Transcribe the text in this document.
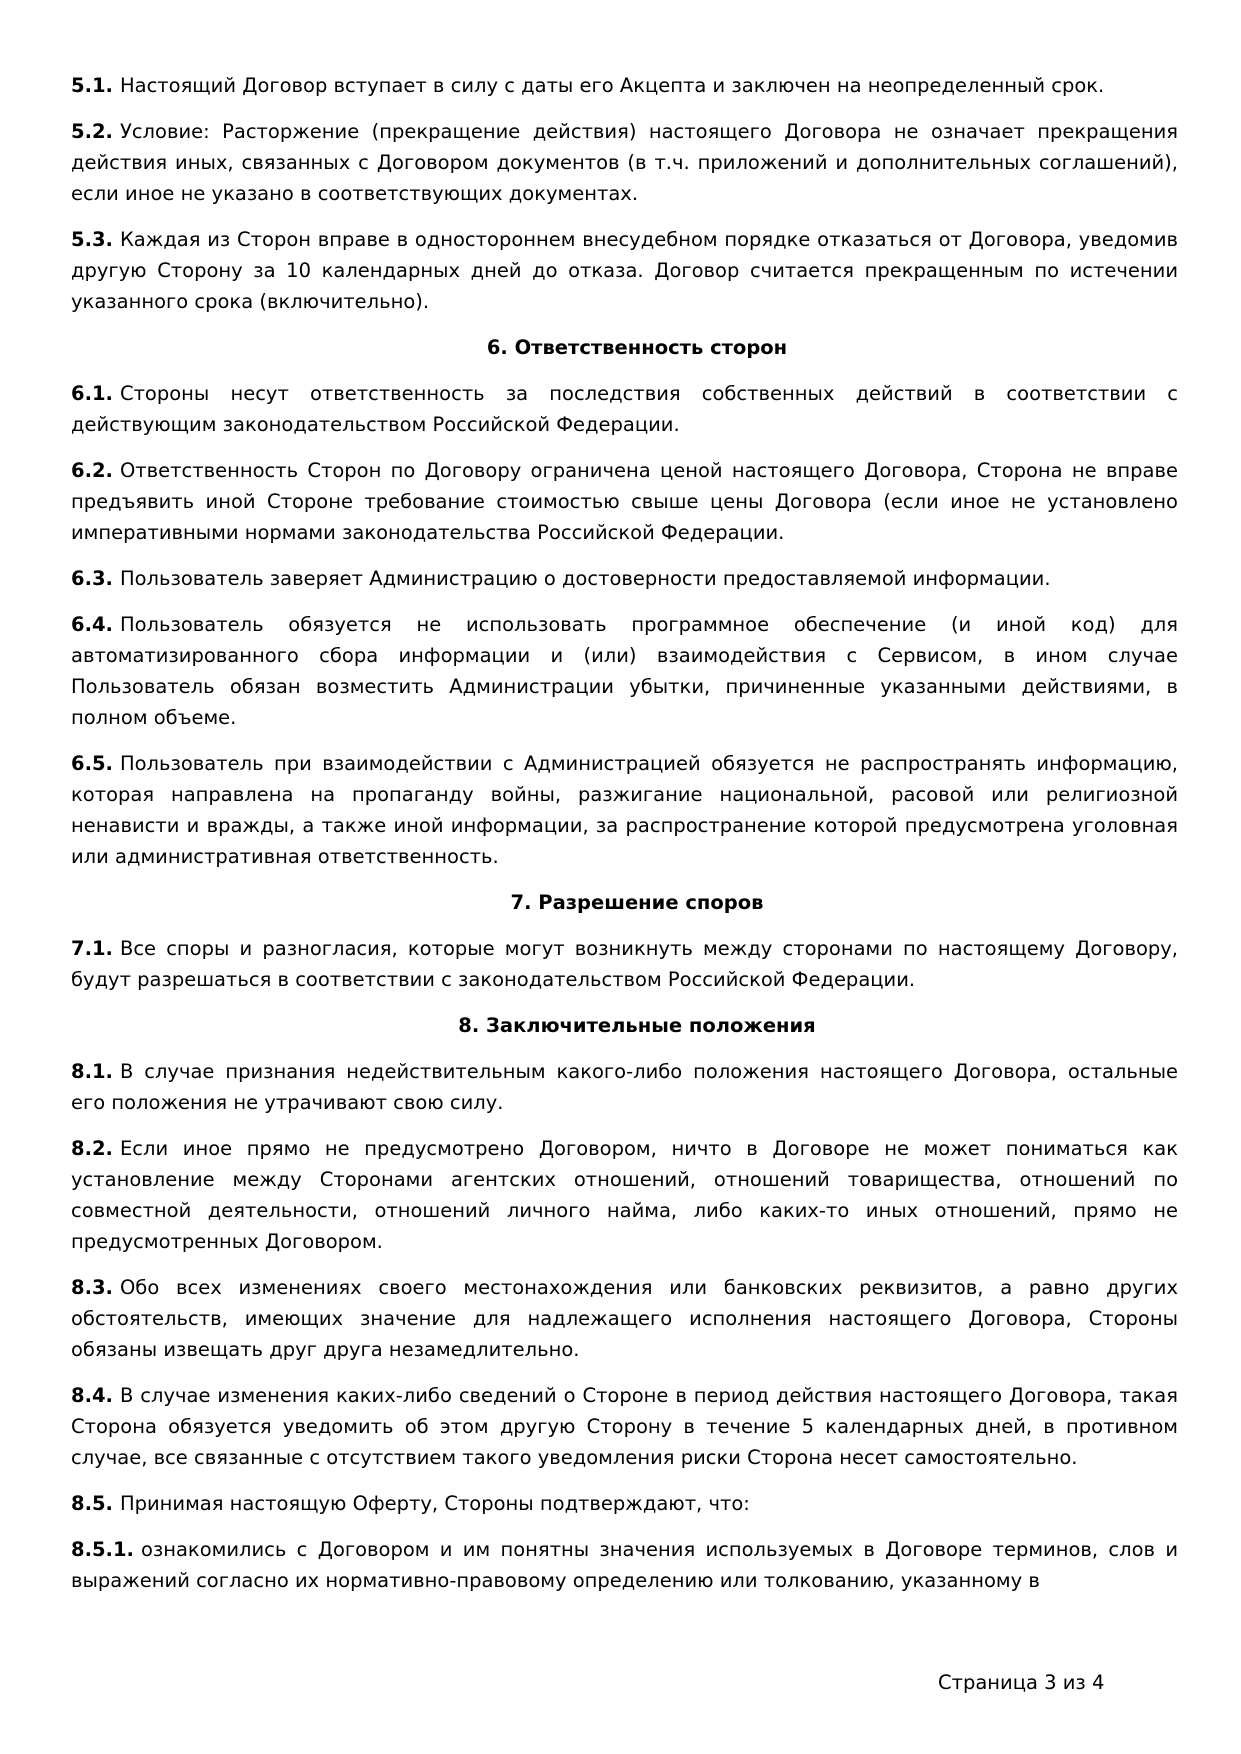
5.1. Настоящий Договор вступает в силу с даты его Акцепта и заключен на неопределенный срок.

5.2. Условие: Расторжение (прекращение действия) настоящего Договора не означает прекращения действия иных, связанных с Договором документов (в т.ч. приложений и дополнительных соглашений), если иное не указано в соответствующих документах.

5.3. Каждая из Сторон вправе в одностороннем внесудебном порядке отказаться от Договора, уведомив другую Сторону за 10 календарных дней до отказа. Договор считается прекращенным по истечении указанного срока (включительно).

6. Ответственность сторон

6.1. Стороны несут ответственность за последствия собственных действий в соответствии с действующим законодательством Российской Федерации.

6.2. Ответственность Сторон по Договору ограничена ценой настоящего Договора, Сторона не вправе предъявить иной Стороне требование стоимостью свыше цены Договора (если иное не установлено императивными нормами законодательства Российской Федерации.

6.3. Пользователь заверяет Администрацию о достоверности предоставляемой информации.

6.4. Пользователь обязуется не использовать программное обеспечение (и иной код) для автоматизированного сбора информации и (или) взаимодействия с Сервисом, в ином случае Пользователь обязан возместить Администрации убытки, причиненные указанными действиями, в полном объеме.

6.5. Пользователь при взаимодействии с Администрацией обязуется не распространять информацию, которая направлена на пропаганду войны, разжигание национальной, расовой или религиозной ненависти и вражды, а также иной информации, за распространение которой предусмотрена уголовная или административная ответственность.

7. Разрешение споров

7.1. Все споры и разногласия, которые могут возникнуть между сторонами по настоящему Договору, будут разрешаться в соответствии с законодательством Российской Федерации.

8. Заключительные положения

8.1. В случае признания недействительным какого-либо положения настоящего Договора, остальные его положения не утрачивают свою силу.

8.2. Если иное прямо не предусмотрено Договором, ничто в Договоре не может пониматься как установление между Сторонами агентских отношений, отношений товарищества, отношений по совместной деятельности, отношений личного найма, либо каких-то иных отношений, прямо не предусмотренных Договором.

8.3. Обо всех изменениях своего местонахождения или банковских реквизитов, а равно других обстоятельств, имеющих значение для надлежащего исполнения настоящего Договора, Стороны обязаны извещать друг друга незамедлительно.

8.4. В случае изменения каких-либо сведений о Стороне в период действия настоящего Договора, такая Сторона обязуется уведомить об этом другую Сторону в течение 5 календарных дней, в противном случае, все связанные с отсутствием такого уведомления риски Сторона несет самостоятельно.

8.5. Принимая настоящую Оферту, Стороны подтверждают, что:

8.5.1. ознакомились с Договором и им понятны значения используемых в Договоре терминов, слов и выражений согласно их нормативно-правовому определению или толкованию, указанному в

Страница 3 из 4
